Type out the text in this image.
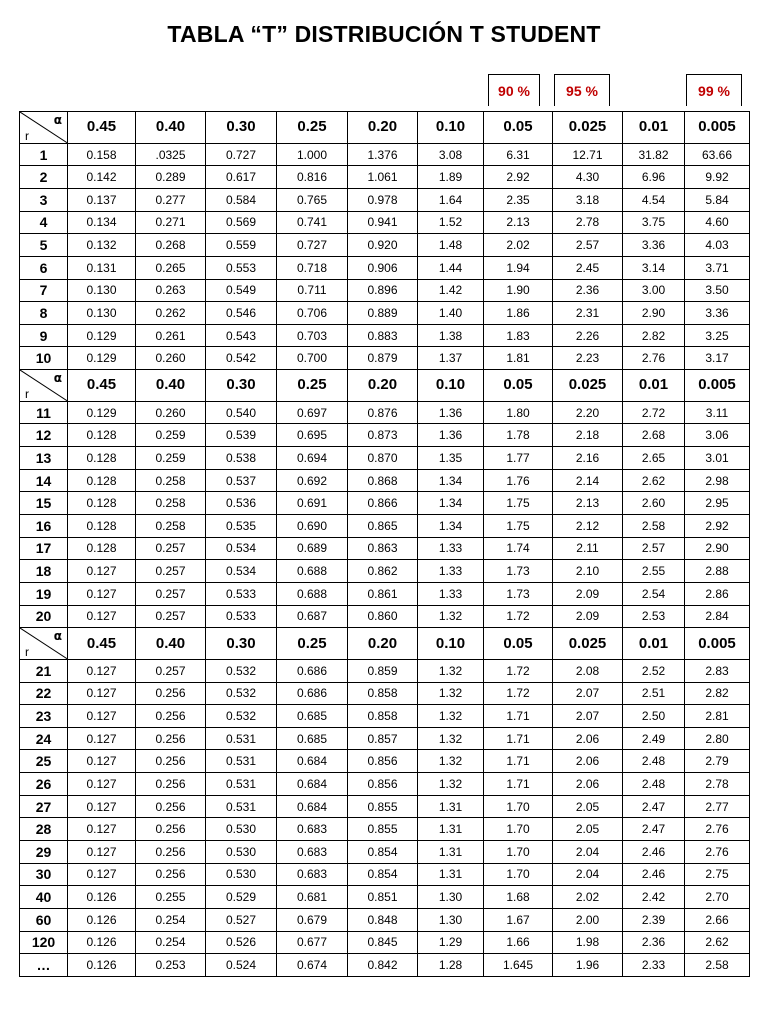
TABLA “T” DISTRIBUCIÓN T STUDENT
90 %	95 %	99 %
α
r	0.45	0.40	0.30	0.25	0.20	0.10	0.05	0.025	0.01	0.005
1	0.158	.0325	0.727	1.000	1.376	3.08	6.31	12.71	31.82	63.66
2	0.142	0.289	0.617	0.816	1.061	1.89	2.92	4.30	6.96	9.92
3	0.137	0.277	0.584	0.765	0.978	1.64	2.35	3.18	4.54	5.84
4	0.134	0.271	0.569	0.741	0.941	1.52	2.13	2.78	3.75	4.60
5	0.132	0.268	0.559	0.727	0.920	1.48	2.02	2.57	3.36	4.03
6	0.131	0.265	0.553	0.718	0.906	1.44	1.94	2.45	3.14	3.71
7	0.130	0.263	0.549	0.711	0.896	1.42	1.90	2.36	3.00	3.50
8	0.130	0.262	0.546	0.706	0.889	1.40	1.86	2.31	2.90	3.36
9	0.129	0.261	0.543	0.703	0.883	1.38	1.83	2.26	2.82	3.25
10	0.129	0.260	0.542	0.700	0.879	1.37	1.81	2.23	2.76	3.17

α
r	0.45	0.40	0.30	0.25	0.20	0.10	0.05	0.025	0.01	0.005
11	0.129	0.260	0.540	0.697	0.876	1.36	1.80	2.20	2.72	3.11
12	0.128	0.259	0.539	0.695	0.873	1.36	1.78	2.18	2.68	3.06
13	0.128	0.259	0.538	0.694	0.870	1.35	1.77	2.16	2.65	3.01
14	0.128	0.258	0.537	0.692	0.868	1.34	1.76	2.14	2.62	2.98
15	0.128	0.258	0.536	0.691	0.866	1.34	1.75	2.13	2.60	2.95
16	0.128	0.258	0.535	0.690	0.865	1.34	1.75	2.12	2.58	2.92
17	0.128	0.257	0.534	0.689	0.863	1.33	1.74	2.11	2.57	2.90
18	0.127	0.257	0.534	0.688	0.862	1.33	1.73	2.10	2.55	2.88
19	0.127	0.257	0.533	0.688	0.861	1.33	1.73	2.09	2.54	2.86
20	0.127	0.257	0.533	0.687	0.860	1.32	1.72	2.09	2.53	2.84

α
r	0.45	0.40	0.30	0.25	0.20	0.10	0.05	0.025	0.01	0.005
21	0.127	0.257	0.532	0.686	0.859	1.32	1.72	2.08	2.52	2.83
22	0.127	0.256	0.532	0.686	0.858	1.32	1.72	2.07	2.51	2.82
23	0.127	0.256	0.532	0.685	0.858	1.32	1.71	2.07	2.50	2.81
24	0.127	0.256	0.531	0.685	0.857	1.32	1.71	2.06	2.49	2.80
25	0.127	0.256	0.531	0.684	0.856	1.32	1.71	2.06	2.48	2.79
26	0.127	0.256	0.531	0.684	0.856	1.32	1.71	2.06	2.48	2.78
27	0.127	0.256	0.531	0.684	0.855	1.31	1.70	2.05	2.47	2.77
28	0.127	0.256	0.530	0.683	0.855	1.31	1.70	2.05	2.47	2.76
29	0.127	0.256	0.530	0.683	0.854	1.31	1.70	2.04	2.46	2.76
30	0.127	0.256	0.530	0.683	0.854	1.31	1.70	2.04	2.46	2.75
40	0.126	0.255	0.529	0.681	0.851	1.30	1.68	2.02	2.42	2.70
60	0.126	0.254	0.527	0.679	0.848	1.30	1.67	2.00	2.39	2.66
120	0.126	0.254	0.526	0.677	0.845	1.29	1.66	1.98	2.36	2.62
…	0.126	0.253	0.524	0.674	0.842	1.28	1.645	1.96	2.33	2.58
